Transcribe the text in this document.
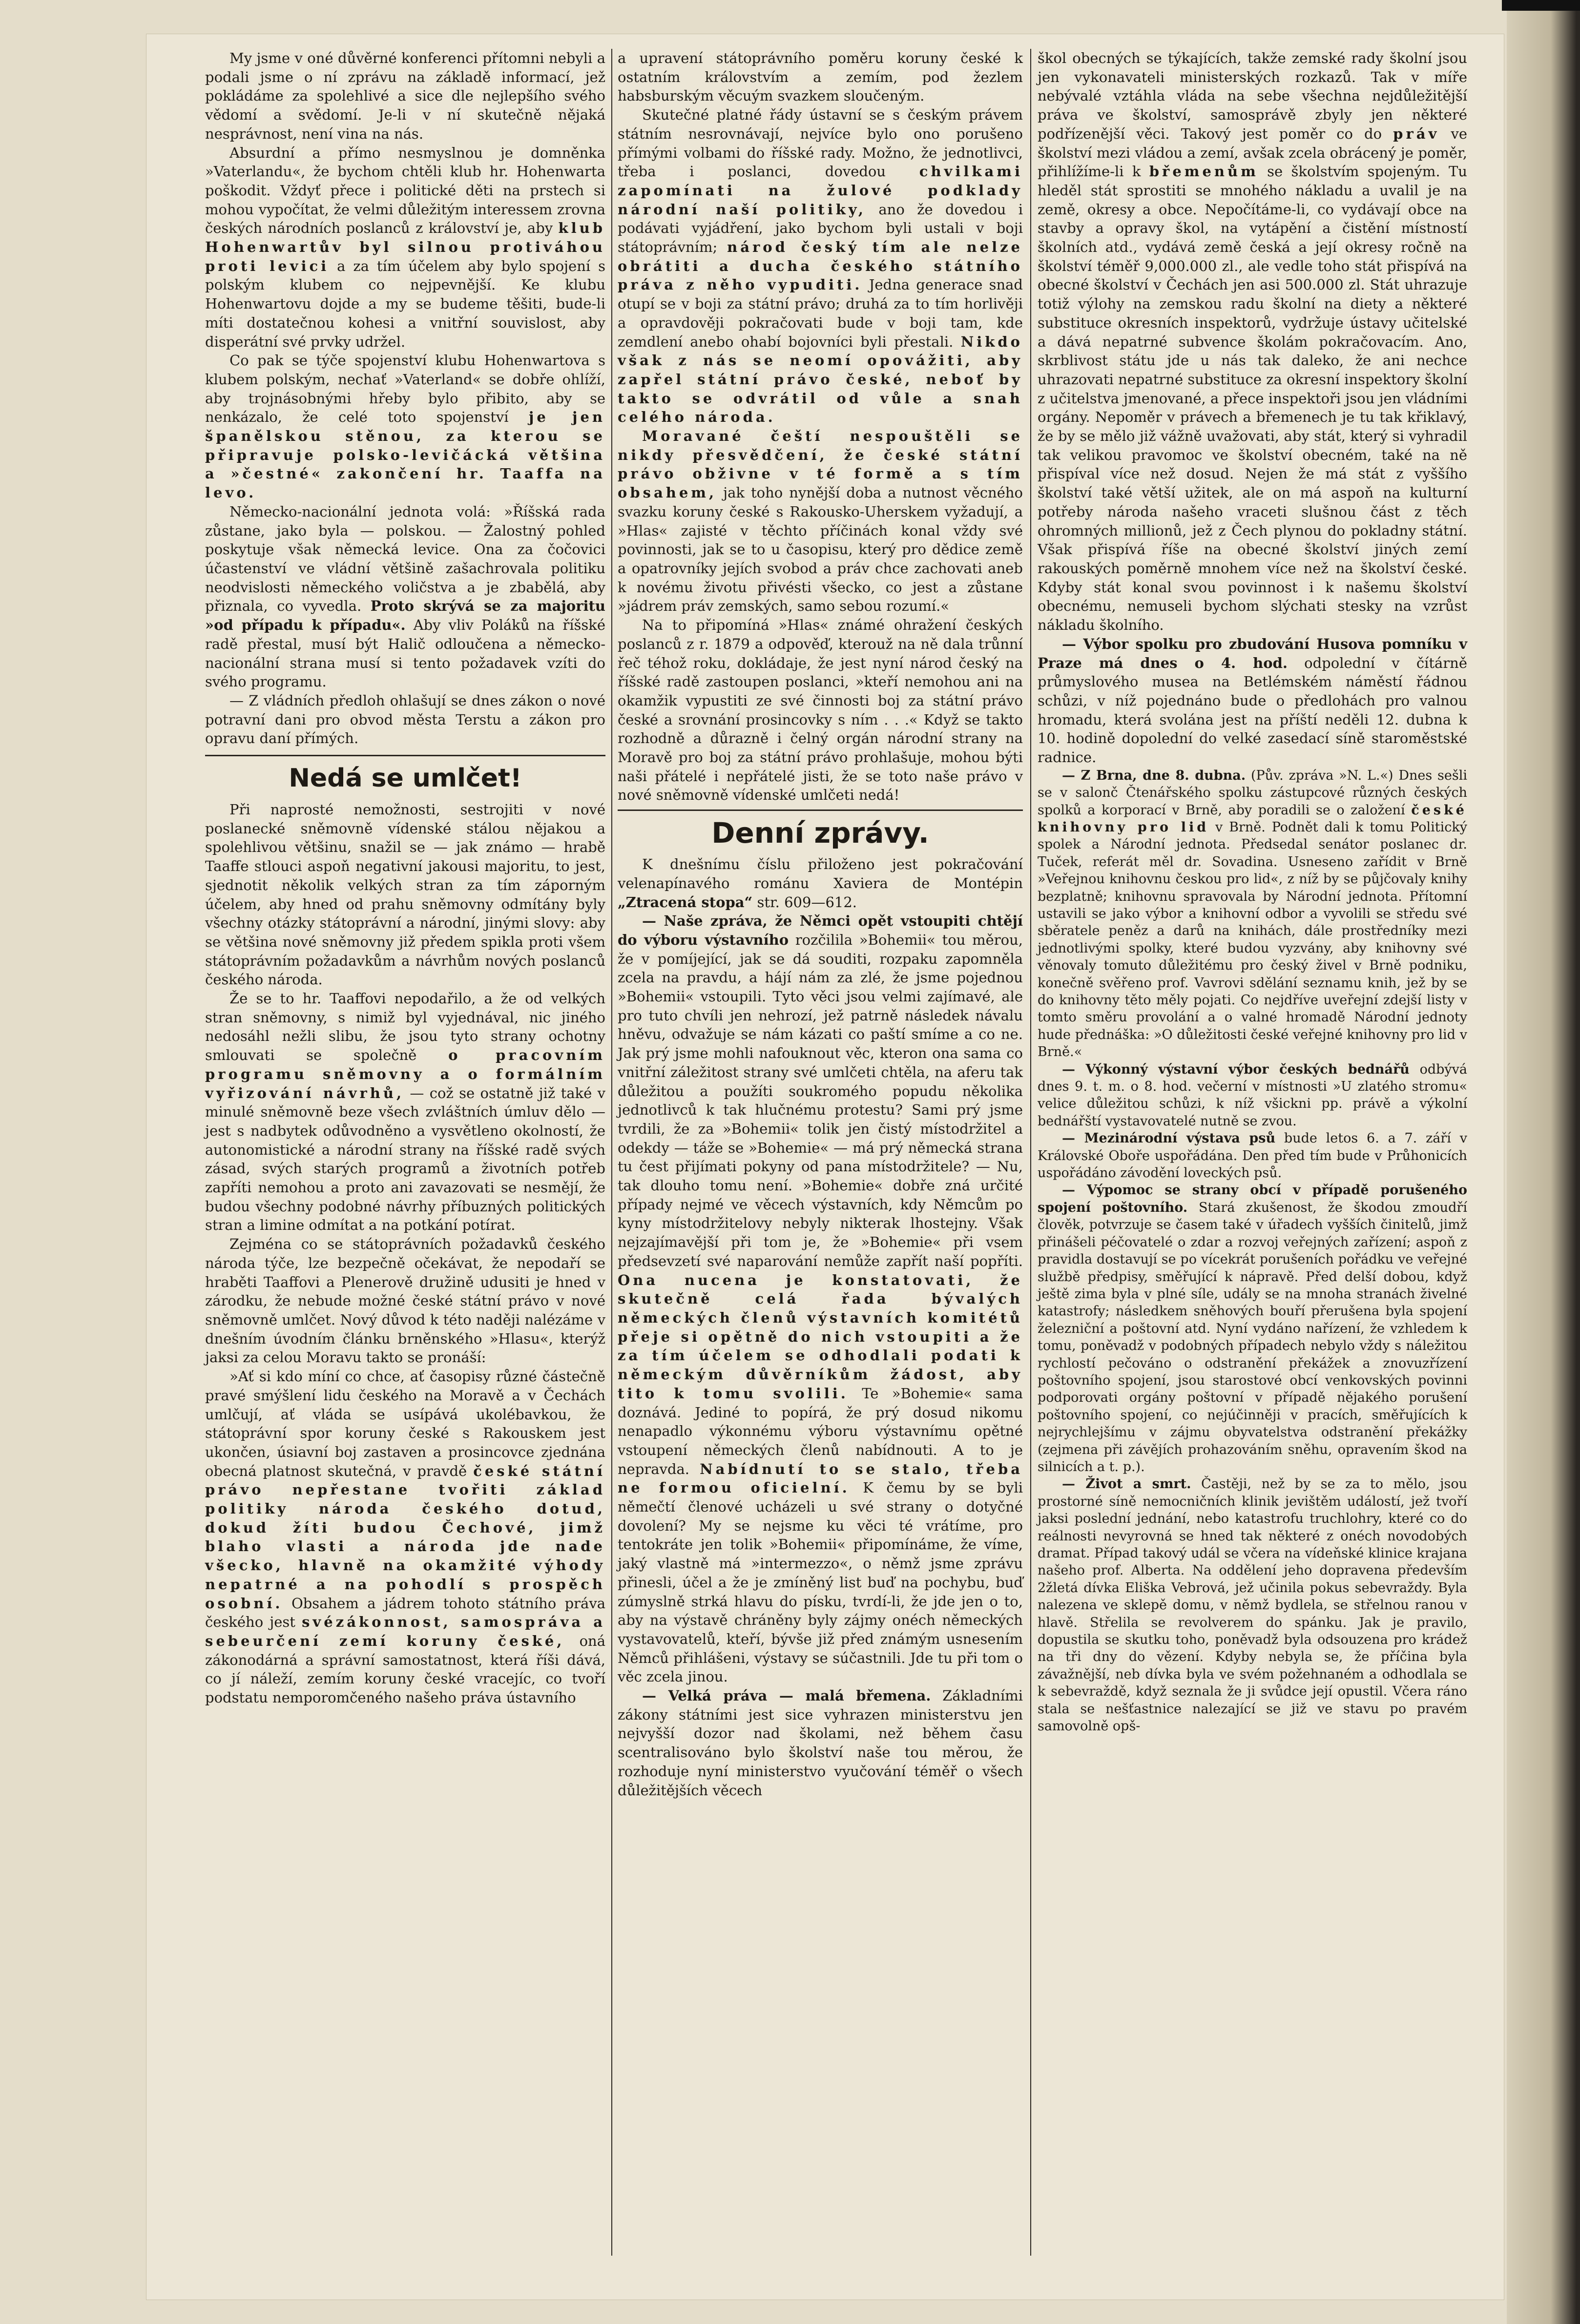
My jsme v oné důvěrné konferenci přítomni nebyli a podali jsme o ní zprávu na základě informací, jež pokládáme za spolehlivé a sice dle nejlepšího svého vědomí a svědomí. Je-li v ní skutečně nějaká nesprávnost, není vina na nás.

Absurdní a přímo nesmyslnou je domněnka »Vaterlandu«, že bychom chtěli klub hr. Hohenwarta poškodit. Vždyť přece i politické děti na prstech si mohou vypočítat, že velmi důležitým interessem zrovna českých národních poslanců z království je, aby klub Hohenwartův byl silnou protiváhou proti levici a za tím účelem aby bylo spojení s polským klubem co nejpevnější. Ke klubu Hohenwartovu dojde a my se budeme těšiti, bude-li míti dostatečnou kohesi a vnitřní souvislost, aby disperátní své prvky udržel.

Co pak se týče spojenství klubu Hohenwartova s klubem polským, nechať »Vaterland« se dobře ohlíží, aby trojnásobnými hřeby bylo přibito, aby se nenkázalo, že celé toto spojenství je jen španělskou stěnou, za kterou se připravuje polsko-levičácká většina a »čestné« zakončení hr. Taaffa na levo.

Německo-nacionální jednota volá: »Říšská rada zůstane, jako byla — polskou. — Žalostný pohled poskytuje však německá levice. Ona za čočovici účastenství ve vládní většině zašachrovala politiku neodvislosti německého voličstva a je zbabělá, aby přiznala, co vyvedla. Proto skrývá se za majoritu »od případu k případu«. Aby vliv Poláků na říšské radě přestal, musí být Halič odloučena a německo-nacionální strana musí si tento požadavek vzíti do svého programu.

— Z vládních předloh ohlašují se dnes zákon o nové potravní dani pro obvod města Terstu a zákon pro opravu daní přímých.

Nedá se umlčet!

Při naprosté nemožnosti, sestrojiti v nové poslanecké sněmovně vídenské stálou nějakou a spolehlivou většinu, snažil se — jak známo — hrabě Taaffe stlouci aspoň negativní jakousi majoritu, to jest, sjednotit několik velkých stran za tím záporným účelem, aby hned od prahu sněmovny odmítány byly všechny otázky státoprávní a národní, jinými slovy: aby se většina nové sněmovny již předem spikla proti všem státoprávním požadavkům a návrhům nových poslanců českého národa.

Že se to hr. Taaffovi nepodařilo, a že od velkých stran sněmovny, s nimiž byl vyjednával, nic jiného nedosáhl nežli slibu, že jsou tyto strany ochotny smlouvati se společně o pracovním programu sněmovny a o formálním vyřizování návrhů, — což se ostatně již také v minulé sněmovně beze všech zvláštních úmluv dělo — jest s nadbytek odůvodněno a vysvětleno okolností, že autonomistické a národní strany na říšské radě svých zásad, svých starých programů a životních potřeb zapříti nemohou a proto ani zavazovati se nesmějí, že budou všechny podobné návrhy příbuzných politických stran a limine odmítat a na potkání potírat.

Zejména co se státoprávních požadavků českého národa týče, lze bezpečně očekávat, že nepodaří se hraběti Taaffovi a Plenerově družině udusiti je hned v zárodku, že nebude možné české státní právo v nové sněmovně umlčet. Nový důvod k této naději nalézáme v dnešním úvodním článku brněnského »Hlasu«, kterýž jaksi za celou Moravu takto se pronáší:

»Ať si kdo míní co chce, ať časopisy různé částečně pravé smýšlení lidu českého na Moravě a v Čechách umlčují, ať vláda se usípává ukolébavkou, že státoprávní spor koruny české s Rakouskem jest ukončen, úsiavní boj zastaven a prosincovce zjednána obecná platnost skutečná, v pravdě české státní právo nepřestane tvořiti základ politiky národa českého dotud, dokud žíti budou Čechové, jimž blaho vlasti a národa jde nade všecko, hlavně na okamžité výhody nepatrné a na pohodlí s prospěch osobní. Obsahem a jádrem tohoto státního práva českého jest svézákonnost, samospráva a sebeurčení zemí koruny české, oná zákonodárná a správní samostatnost, která říši dává, co jí náleží, zemím koruny české vracejíc, co tvoří podstatu nemporomčeného našeho práva ústavního

a upravení státoprávního poměru koruny české k ostatním královstvím a zemím, pod žezlem habsburským věcuým svazkem sloučeným.

Skutečné platné řády ústavní se s českým právem státním nesrovnávají, nejvíce bylo ono porušeno přímými volbami do říšské rady. Možno, že jednotlivci, třeba i poslanci, dovedou chvilkami zapomínati na žulové podklady národní naší politiky, ano že dovedou i podávati vyjádření, jako bychom byli ustali v boji státoprávním; národ český tím ale nelze obrátiti a ducha českého státního práva z něho vypuditi. Jedna generace snad otupí se v boji za státní právo; druhá za to tím horlivěji a opravdověji pokračovati bude v boji tam, kde zemdlení anebo ohabí bojovníci byli přestali. Nikdo však z nás se neomí opovážiti, aby zapřel státní právo české, neboť by takto se odvrátil od vůle a snah celého národa.

Moravané čeští nespouštěli se nikdy přesvědčení, že české státní právo obživne v té formě a s tím obsahem, jak toho nynější doba a nutnost věcného svazku koruny české s Rakousko-Uherskem vyžadují, a »Hlas« zajisté v těchto příčinách konal vždy své povinnosti, jak se to u časopisu, který pro dědice země a opatrovníky jejích svobod a práv chce zachovati aneb k novému životu přivésti všecko, co jest a zůstane »jádrem práv zemských, samo sebou rozumí.«

Na to připomíná »Hlas« známé ohražení českých poslanců z r. 1879 a odpověď, kterouž na ně dala trůnní řeč téhož roku, dokládaje, že jest nyní národ český na říšské radě zastoupen poslanci, »kteří nemohou ani na okamžik vypustiti ze své činnosti boj za státní právo české a srovnání prosincovky s ním . . .« Když se takto rozhodně a důrazně i čelný orgán národní strany na Moravě pro boj za státní právo prohlašuje, mohou býti naši přátelé i nepřátelé jisti, že se toto naše právo v nové sněmovně vídenské umlčeti nedá!

Denní zprávy.

K dnešnímu číslu přiloženo jest pokračování velenapínavého románu Xaviera de Montépin „Ztracená stopa“ str. 609—612.

— Naše zpráva, že Němci opět vstoupiti chtějí do výboru výstavního rozčilila »Bohemii« tou měrou, že v pomíjející, jak se dá souditi, rozpaku zapomněla zcela na pravdu, a hájí nám za zlé, že jsme pojednou »Bohemii« vstoupili. Tyto věci jsou velmi zajímavé, ale pro tuto chvíli jen nehrozí, jež patrně následek návalu hněvu, odvažuje se nám kázati co paští smíme a co ne. Jak prý jsme mohli nafouknout věc, kteron ona sama co vnitřní záležitost strany své umlčeti chtěla, na aferu tak důležitou a použíti soukromého popudu několika jednotlivců k tak hlučnému protestu? Sami prý jsme tvrdili, že za »Bohemii« tolik jen čistý místodržitel a odekdy — táže se »Bohemie« — má prý německá strana tu čest přijímati pokyny od pana místodržitele? — Nu, tak dlouho tomu není. »Bohemie« dobře zná určité případy nejmé ve věcech výstavních, kdy Němcům po kyny místodržitelovy nebyly nikterak lhostejny. Však nejzajímavější při tom je, že »Bohemie« při vsem předsevzetí své naparování nemůže zapřít naší popříti. Ona nucena je konstatovati, že skutečně celá řada bývalých německých členů výstavních komitétů přeje si opětně do nich vstoupiti a že za tím účelem se odhodlali podati k německým důvěrníkům žádost, aby tito k tomu svolili. Te »Bohemie« sama doznává. Jediné to popírá, že prý dosud nikomu nenapadlo výkonnému výboru výstavnímu opětné vstoupení německých členů nabídnouti. A to je nepravda. Nabídnutí to se stalo, třeba ne formou oficielní. K čemu by se byli němečtí členové ucházeli u své strany o dotyčné dovolení? My se nejsme ku věci té vrátíme, pro tentokráte jen tolik »Bohemii« připomínáme, že víme, jaký vlastně má »intermezzo«, o němž jsme zprávu přinesli, účel a že je zmíněný list buď na pochybu, buď zúmyslně strká hlavu do písku, tvrdí-li, že jde jen o to, aby na výstavě chráněny byly zájmy onéch německých vystavovatelů, kteří, bývše již před známým usnesením Němců přihlášeni, výstavy se súčastnili. Jde tu při tom o věc zcela jinou.

— Velká práva — malá břemena. Základními zákony státními jest sice vyhrazen ministerstvu jen nejvyšší dozor nad školami, než během času scentralisováno bylo školství naše tou měrou, že rozhoduje nyní ministerstvo vyučování téměř o všech důležitějších věcech

škol obecných se týkajících, takže zemské rady školní jsou jen vykonavateli ministerských rozkazů. Tak v míře nebývalé vztáhla vláda na sebe všechna nejdůležitější práva ve školství, samosprávě zbyly jen některé podřízenější věci. Takový jest poměr co do práv ve školství mezi vládou a zemí, avšak zcela obrácený je poměr, přihlížíme-li k břemenům se školstvím spojeným. Tu hleděl stát sprostiti se mnohého nákladu a uvalil je na země, okresy a obce. Nepočítáme-li, co vydávají obce na stavby a opravy škol, na vytápění a čistění místností školních atd., vydává země česká a její okresy ročně na školství téměř 9,000.000 zl., ale vedle toho stát přispívá na obecné školství v Čechách jen asi 500.000 zl. Stát uhrazuje totiž výlohy na zemskou radu školní na diety a některé substituce okresních inspektorů, vydržuje ústavy učitelské a dává nepatrné subvence školám pokračovacím. Ano, skrblivost státu jde u nás tak daleko, že ani nechce uhrazovati nepatrné substituce za okresní inspektory školní z učitelstva jmenované, a přece inspektoři jsou jen vládními orgány. Nepoměr v právech a břemenech je tu tak křiklavý, že by se mělo již vážně uvažovati, aby stát, který si vyhradil tak velikou pravomoc ve školství obecném, také na ně přispíval více než dosud. Nejen že má stát z vyššího školství také větší užitek, ale on má aspoň na kulturní potřeby národa našeho vraceti slušnou část z těch ohromných millionů, jež z Čech plynou do pokladny státní. Však přispívá říše na obecné školství jiných zemí rakouských poměrně mnohem více než na školství české. Kdyby stát konal svou povinnost i k našemu školství obecnému, nemuseli bychom slýchati stesky na vzrůst nákladu školního.

— Výbor spolku pro zbudování Husova pomníku v Praze má dnes o 4. hod. odpolední v čítárně průmyslového musea na Betlémském náměstí řádnou schůzi, v níž pojednáno bude o předlohách pro valnou hromadu, která svolána jest na příští neděli 12. dubna k 10. hodině dopolední do velké zasedací síně staroměstské radnice.

— Z Brna, dne 8. dubna. (Pův. zpráva »N. L.«) Dnes sešli se v salonč Čtenářského spolku zástupcové různých českých spolků a korporací v Brně, aby poradili se o založení české knihovny pro lid v Brně. Podnět dali k tomu Politický spolek a Národní jednota. Předsedal senátor poslanec dr. Tuček, referát měl dr. Sovadina. Usneseno zařídit v Brně »Veřejnou knihovnu českou pro lid«, z níž by se půjčovaly knihy bezplatně; knihovnu spravovala by Národní jednota. Přítomní ustavili se jako výbor a knihovní odbor a vyvolili se středu své sběratele peněz a darů na knihách, dále prostředníky mezi jednotlivými spolky, které budou vyzvány, aby knihovny své věnovaly tomuto důležitému pro český živel v Brně podniku, konečně svěřeno prof. Vavrovi sdělání seznamu knih, jež by se do knihovny těto měly pojati. Co nejdříve uveřejní zdejší listy v tomto směru provolání a o valné hromadě Národní jednoty hude přednáška: »O důležitosti české veřejné knihovny pro lid v Brně.«

— Výkonný výstavní výbor českých bednářů odbývá dnes 9. t. m. o 8. hod. večerní v místnosti »U zlatého stromu« velice důležitou schůzi, k níž všickni pp. právě a výkolní bednářští vystavovatelé nutně se zvou.

— Mezinárodní výstava psů bude letos 6. a 7. září v Královské Oboře uspořádána. Den před tím bude v Průhonicích uspořádáno závodění loveckých psů.

— Výpomoc se strany obcí v případě porušeného spojení poštovního. Stará zkušenost, že škodou zmoudří člověk, potvrzuje se časem také v úřadech vyšších činitelů, jimž přinášeli péčovatelé o zdar a rozvoj veřejných zařízení; aspoň z pravidla dostavují se po vícekrát porušeních pořádku ve veřejné službě předpisy, směřující k nápravě. Před delší dobou, když ještě zima byla v plné síle, udály se na mnoha stranách živelné katastrofy; následkem sněhových bouří přerušena byla spojení železniční a poštovní atd. Nyní vydáno nařízení, že vzhledem k tomu, poněvadž v podobných případech nebylo vždy s náležitou rychlostí pečováno o odstranění překážek a znovuzřízení poštovního spojení, jsou starostové obcí venkovských povinni podporovati orgány poštovní v případě nějakého porušení poštovního spojení, co nejúčinněji v pracích, směřujících k nejrychlejšímu v zájmu obyvatelstva odstranění překážky (zejmena při závějích prohazováním sněhu, opravením škod na silnicích a t. p.).

— Život a smrt. Častěji, než by se za to mělo, jsou prostorné síně nemocničních klinik jevištěm událostí, jež tvoří jaksi poslední jednání, nebo katastrofu truchlohry, které co do reálnosti nevyrovná se hned tak některé z onéch novodobých dramat. Případ takový udál se včera na vídeňské klinice krajana našeho prof. Alberta. Na oddělení jeho dopravena především 2žletá dívka Eliška Vebrová, jež učinila pokus sebevraždy. Byla nalezena ve sklepě domu, v němž bydlela, se střelnou ranou v hlavě. Střelila se revolverem do spánku. Jak je pravilo, dopustila se skutku toho, poněvadž byla odsouzena pro krádež na tři dny do vězení. Kdyby nebyla se, že příčina byla závažnější, neb dívka byla ve svém požehnaném a odhodlala se k sebevraždě, když seznala že ji svůdce její opustil. Včera ráno stala se nešťastnice nalezající se již ve stavu po pravém samovolně opš-
